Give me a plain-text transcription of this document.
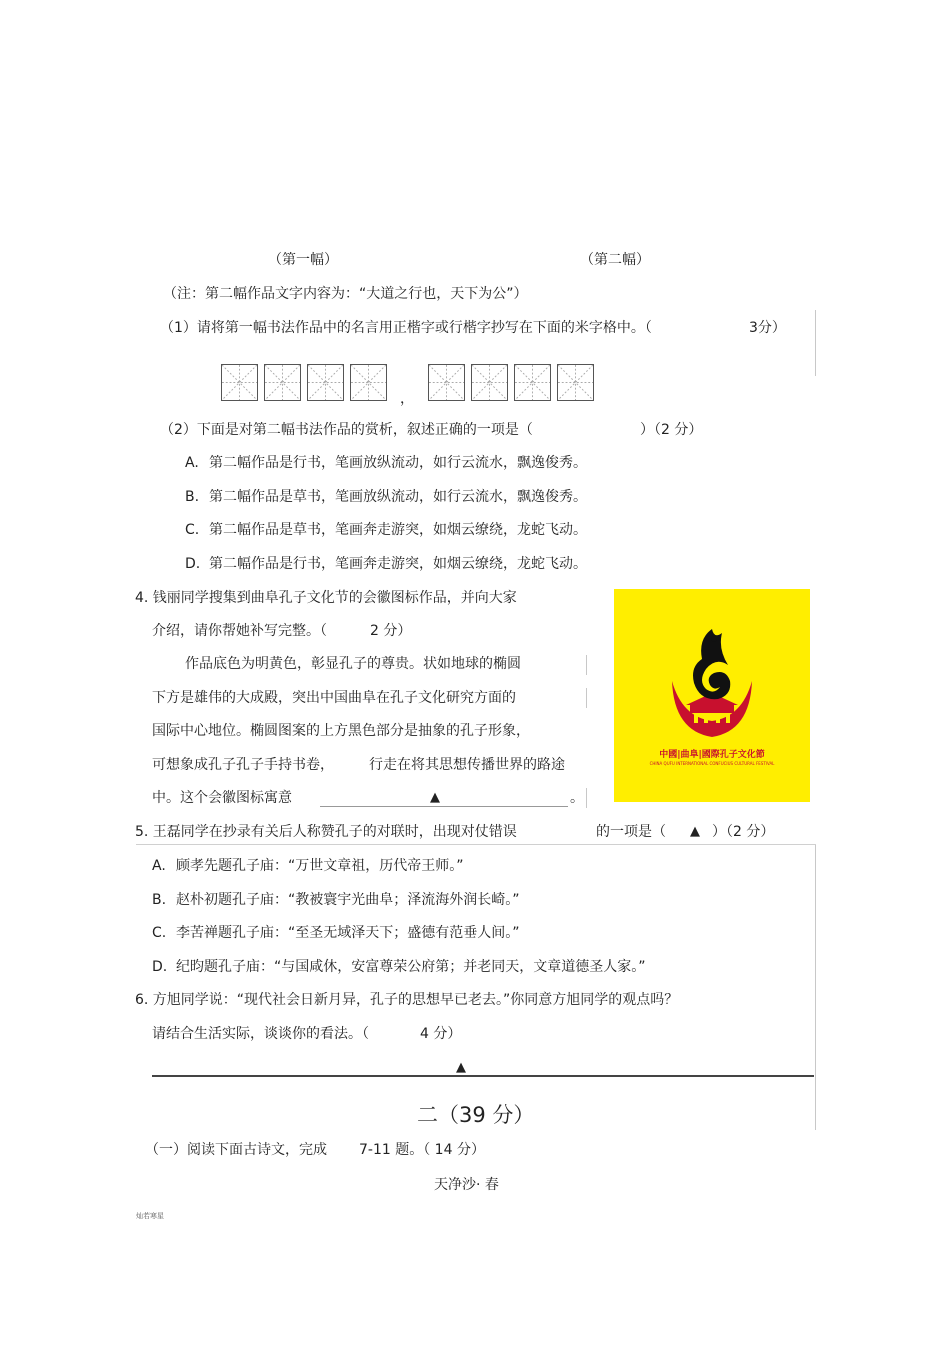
（第一幅）	（第二幅）
（注：第二幅作品文字内容为：“大道之行也，天下为公”）
（1）请将第一幅书法作品中的名言用正楷字或行楷字抄写在下面的米字格中。（	3分）
，
（2）下面是对第二幅书法作品的赏析，叙述正确的一项是（	）（2 分）
A. 第二幅作品是行书，笔画放纵流动，如行云流水，飘逸俊秀。
B. 第二幅作品是草书，笔画放纵流动，如行云流水，飘逸俊秀。
C. 第二幅作品是草书，笔画奔走游突，如烟云缭绕，龙蛇飞动。
D. 第二幅作品是行书，笔画奔走游突，如烟云缭绕，龙蛇飞动。
4. 钱丽同学搜集到曲阜孔子文化节的会徽图标作品，并向大家
介绍，请你帮她补写完整。（	2 分）
作品底色为明黄色，彰显孔子的尊贵。状如地球的椭圆
下方是雄伟的大成殿，突出中国曲阜在孔子文化研究方面的
国际中心地位。椭圆图案的上方黑色部分是抽象的孔子形象，
可想象成孔子孔子手持书卷，	行走在将其思想传播世界的路途
中。这个会徽图标寓意	▲	。
中國|曲阜|國際孔子文化節
CHINA QUFU INTERNATIONAL CONFUCIUS CULTURAL FESTIVAL
5. 王磊同学在抄录有关后人称赞孔子的对联时，出现对仗错误	的一项是（ ▲ ）（2 分）
A. 顾孝先题孔子庙：“万世文章祖，历代帝王师。”
B. 赵朴初题孔子庙：“教被寰宇光曲阜；泽流海外润长崎。”
C. 李苦禅题孔子庙：“至圣无域泽天下；盛德有范垂人间。”
D. 纪昀题孔子庙：“与国咸休，安富尊荣公府第；并老同天，文章道德圣人家。”
6. 方旭同学说：“现代社会日新月异，孔子的思想早已老去。”你同意方旭同学的观点吗？
请结合生活实际，谈谈你的看法。（	4 分）
▲
二（39 分）
（一）阅读下面古诗文，完成 7-11 题。（ 14 分）
天净沙· 春
灿若寒星
